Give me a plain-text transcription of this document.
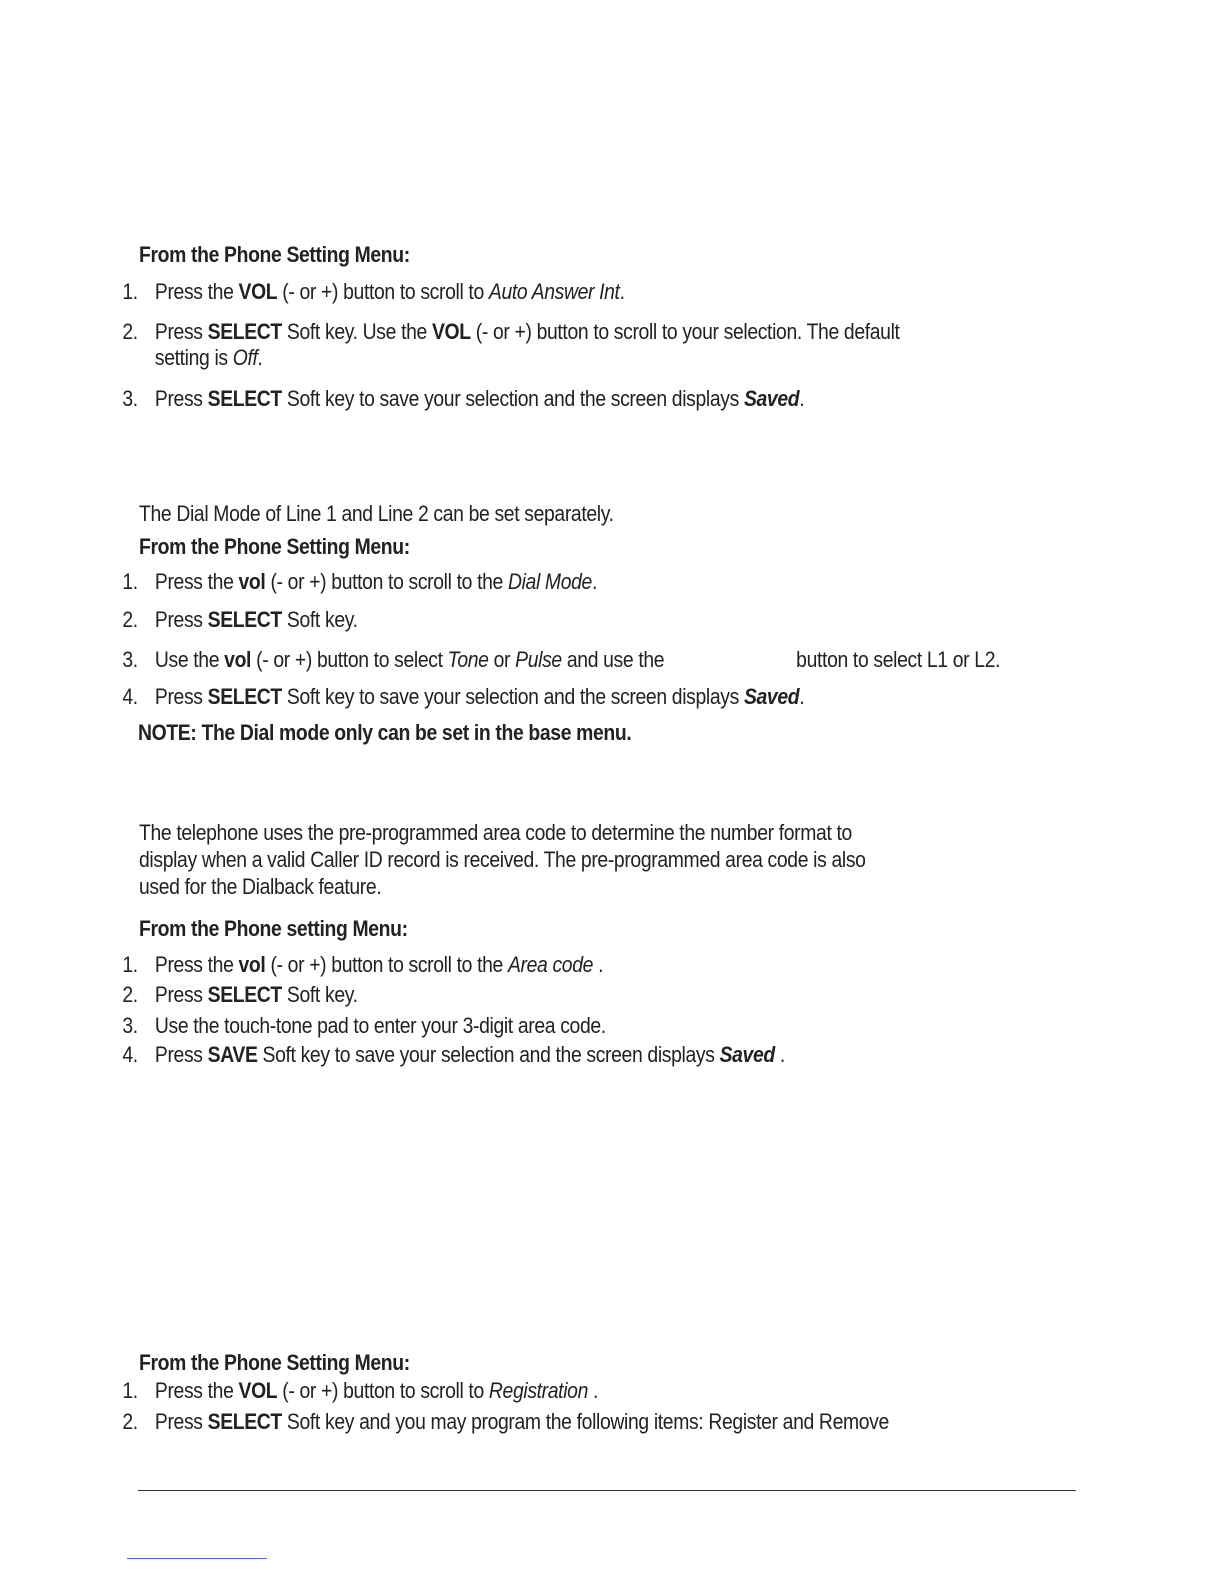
From the Phone Setting Menu:
1. Press the VOL (- or +) button to scroll to Auto Answer Int.
2. Press SELECT Soft key. Use the VOL (- or +) button to scroll to your selection. The default
setting is Off.
3. Press SELECT Soft key to save your selection and the screen displays Saved.
The Dial Mode of Line 1 and Line 2 can be set separately.
From the Phone Setting Menu:
1. Press the vol (- or +) button to scroll to the Dial Mode.
2. Press SELECT Soft key.
3. Use the vol (- or +) button to select Tone or Pulse and use the	button to select L1 or L2.
4. Press SELECT Soft key to save your selection and the screen displays Saved.
NOTE: The Dial mode only can be set in the base menu.
The telephone uses the pre-programmed area code to determine the number format to
display when a valid Caller ID record is received. The pre-programmed area code is also
used for the Dialback feature.
From the Phone setting Menu:
1. Press the vol (- or +) button to scroll to the Area code .
2. Press SELECT Soft key.
3. Use the touch-tone pad to enter your 3-digit area code.
4. Press SAVE Soft key to save your selection and the screen displays Saved .
From the Phone Setting Menu:
1. Press the VOL (- or +) button to scroll to Registration .
2. Press SELECT Soft key and you may program the following items: Register and Remove
